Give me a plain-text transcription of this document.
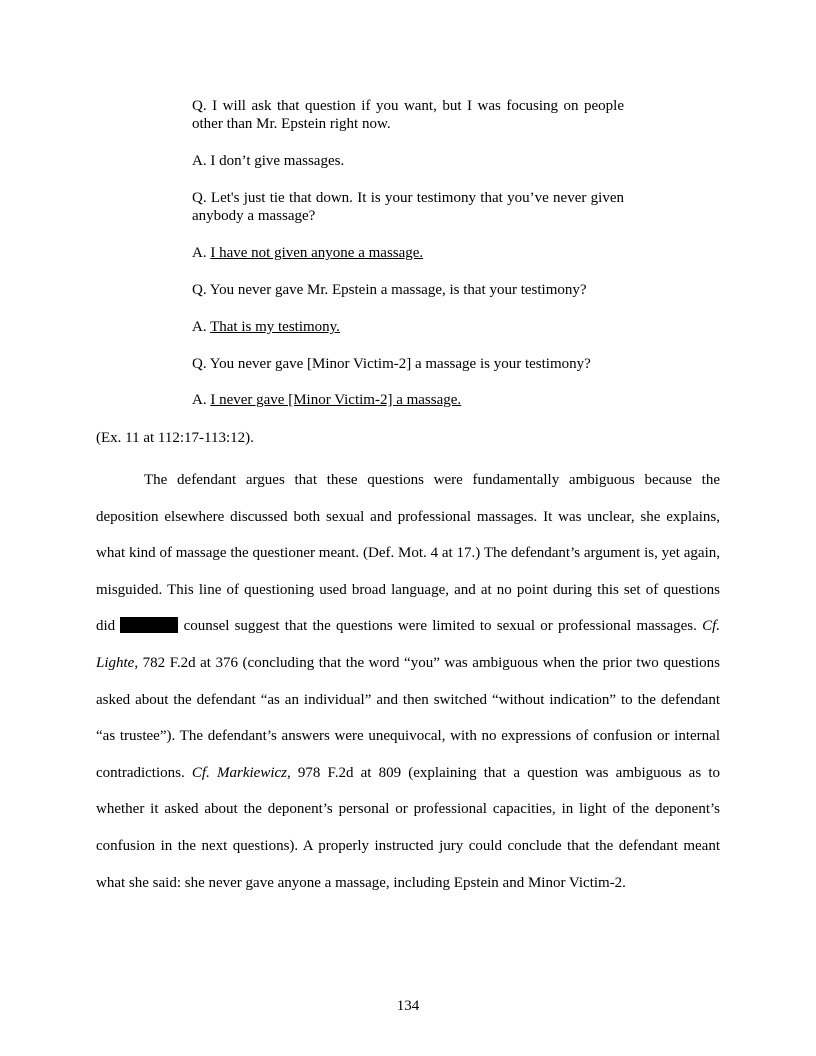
Q. I will ask that question if you want, but I was focusing on people other than Mr. Epstein right now.

A. I don’t give massages.

Q. Let's just tie that down. It is your testimony that you’ve never given anybody a massage?

A. I have not given anyone a massage.

Q. You never gave Mr. Epstein a massage, is that your testimony?

A. That is my testimony.

Q. You never gave [Minor Victim-2] a massage is your testimony?

A. I never gave [Minor Victim-2] a massage.

(Ex. 11 at 112:17-113:12).

The defendant argues that these questions were fundamentally ambiguous because the deposition elsewhere discussed both sexual and professional massages. It was unclear, she explains, what kind of massage the questioner meant. (Def. Mot. 4 at 17.) The defendant’s argument is, yet again, misguided. This line of questioning used broad language, and at no point during this set of questions did	counsel suggest that the questions were limited to sexual or professional massages. Cf. Lighte, 782 F.2d at 376 (concluding that the word “you” was ambiguous when the prior two questions asked about the defendant “as an individual” and then switched “without indication” to the defendant “as trustee”). The defendant’s answers were unequivocal, with no expressions of confusion or internal contradictions. Cf. Markiewicz, 978 F.2d at 809 (explaining that a question was ambiguous as to whether it asked about the deponent’s personal or professional capacities, in light of the deponent’s confusion in the next questions). A properly instructed jury could conclude that the defendant meant what she said: she never gave anyone a massage, including Epstein and Minor Victim-2.

134
